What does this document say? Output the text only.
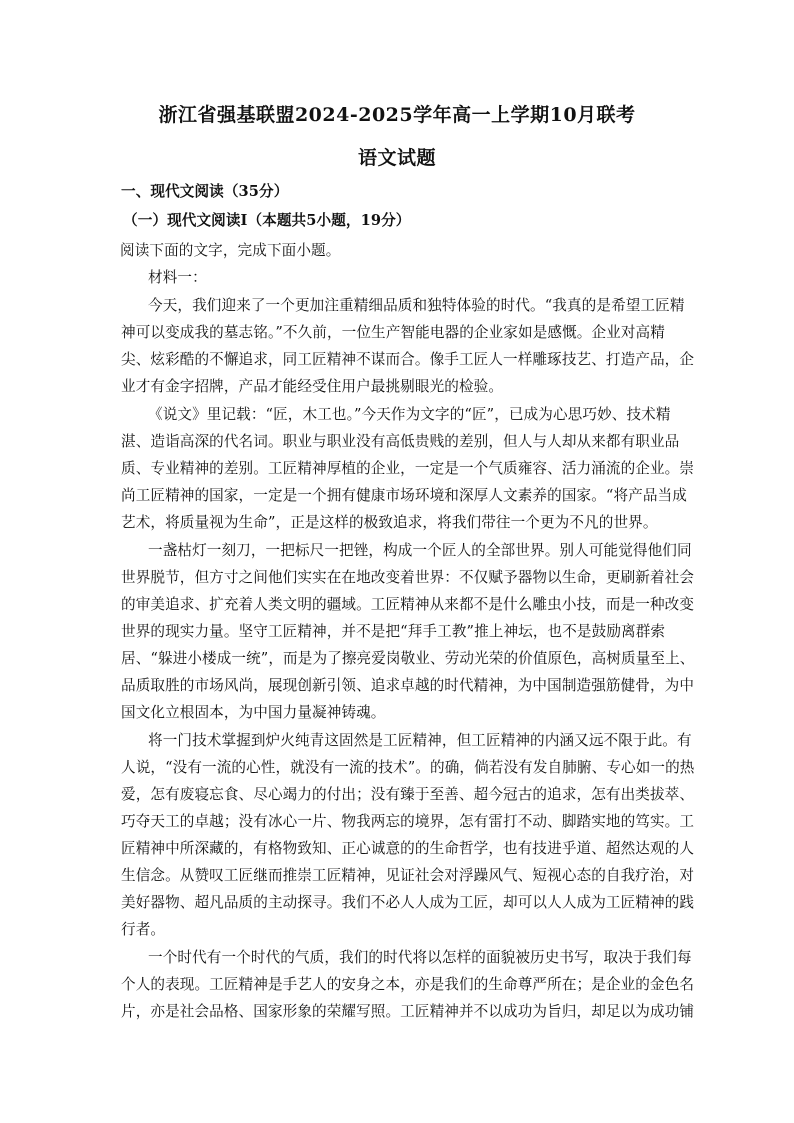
浙江省强基联盟2024-2025学年高一上学期10月联考
语文试题
一、现代文阅读（35分）
（一）现代文阅读Ⅰ（本题共5小题，19分）
阅读下面的文字，完成下面小题。
材料一：
今天，我们迎来了一个更加注重精细品质和独特体验的时代。“我真的是希望工匠精
神可以变成我的墓志铭。”不久前，一位生产智能电器的企业家如是感慨。企业对高精
尖、炫彩酷的不懈追求，同工匠精神不谋而合。像手工匠人一样雕琢技艺、打造产品，企
业才有金字招牌，产品才能经受住用户最挑剔眼光的检验。
《说文》里记载：“匠，木工也。”今天作为文字的“匠”，已成为心思巧妙、技术精
湛、造诣高深的代名词。职业与职业没有高低贵贱的差别，但人与人却从来都有职业品
质、专业精神的差别。工匠精神厚植的企业，一定是一个气质雍容、活力涌流的企业。崇
尚工匠精神的国家，一定是一个拥有健康市场环境和深厚人文素养的国家。“将产品当成
艺术，将质量视为生命”，正是这样的极致追求，将我们带往一个更为不凡的世界。
一盏枯灯一刻刀，一把标尺一把锉，构成一个匠人的全部世界。别人可能觉得他们同
世界脱节，但方寸之间他们实实在在地改变着世界：不仅赋予器物以生命，更刷新着社会
的审美追求、扩充着人类文明的疆域。工匠精神从来都不是什么雕虫小技，而是一种改变
世界的现实力量。坚守工匠精神，并不是把“拜手工教”推上神坛，也不是鼓励离群索
居、“躲进小楼成一统”，而是为了擦亮爱岗敬业、劳动光荣的价值原色，高树质量至上、
品质取胜的市场风尚，展现创新引领、追求卓越的时代精神，为中国制造强筋健骨，为中
国文化立根固本，为中国力量凝神铸魂。
将一门技术掌握到炉火纯青这固然是工匠精神，但工匠精神的内涵又远不限于此。有
人说，“没有一流的心性，就没有一流的技术”。的确，倘若没有发自肺腑、专心如一的热
爱，怎有废寝忘食、尽心竭力的付出；没有臻于至善、超今冠古的追求，怎有出类拔萃、
巧夺天工的卓越；没有冰心一片、物我两忘的境界，怎有雷打不动、脚踏实地的笃实。工
匠精神中所深藏的，有格物致知、正心诚意的的生命哲学，也有技进乎道、超然达观的人
生信念。从赞叹工匠继而推崇工匠精神，见证社会对浮躁风气、短视心态的自我疗治，对
美好器物、超凡品质的主动探寻。我们不必人人成为工匠，却可以人人成为工匠精神的践
行者。
一个时代有一个时代的气质，我们的时代将以怎样的面貌被历史书写，取决于我们每
个人的表现。工匠精神是手艺人的安身之本，亦是我们的生命尊严所在；是企业的金色名
片，亦是社会品格、国家形象的荣耀写照。工匠精神并不以成功为旨归，却足以为成功铺
